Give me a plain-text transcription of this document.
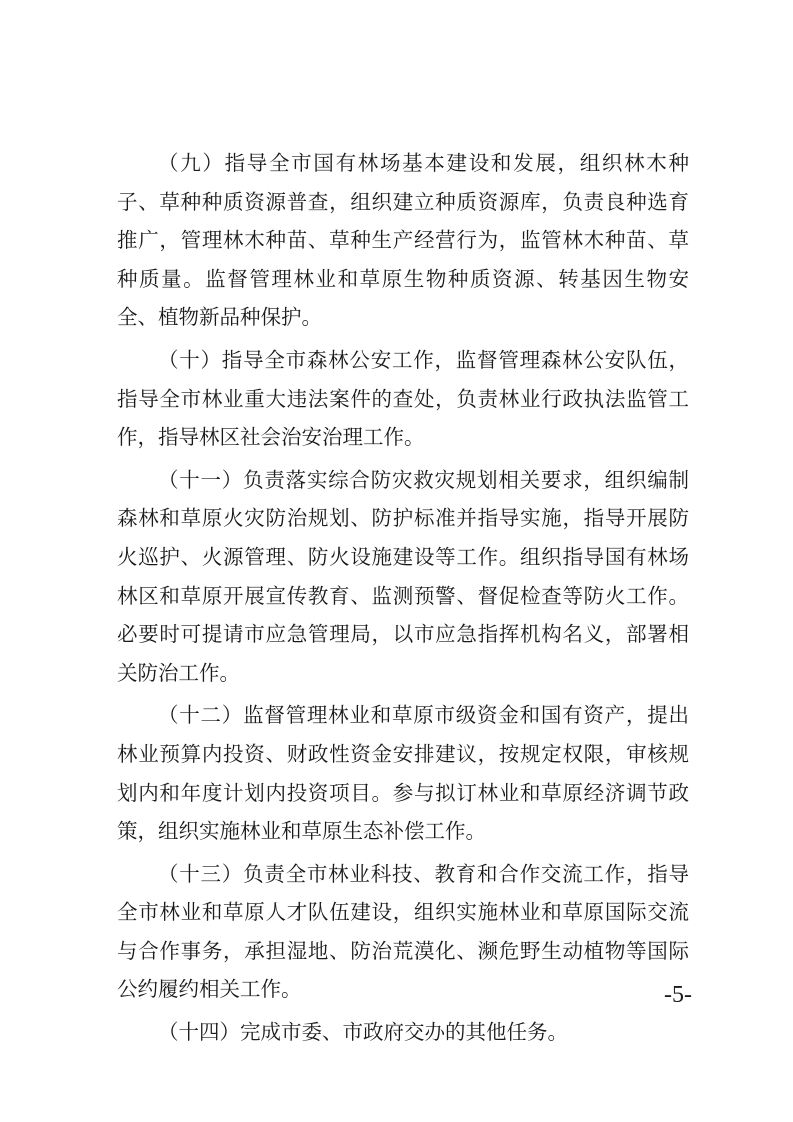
（九）指导全市国有林场基本建设和发展，组织林木种子、草种种质资源普查，组织建立种质资源库，负责良种选育推广，管理林木种苗、草种生产经营行为，监管林木种苗、草种质量。监督管理林业和草原生物种质资源、转基因生物安全、植物新品种保护。

（十）指导全市森林公安工作，监督管理森林公安队伍，指导全市林业重大违法案件的查处，负责林业行政执法监管工作，指导林区社会治安治理工作。

（十一）负责落实综合防灾救灾规划相关要求，组织编制森林和草原火灾防治规划、防护标准并指导实施，指导开展防火巡护、火源管理、防火设施建设等工作。组织指导国有林场林区和草原开展宣传教育、监测预警、督促检查等防火工作。必要时可提请市应急管理局，以市应急指挥机构名义，部署相关防治工作。

（十二）监督管理林业和草原市级资金和国有资产，提出林业预算内投资、财政性资金安排建议，按规定权限，审核规划内和年度计划内投资项目。参与拟订林业和草原经济调节政策，组织实施林业和草原生态补偿工作。

（十三）负责全市林业科技、教育和合作交流工作，指导全市林业和草原人才队伍建设，组织实施林业和草原国际交流与合作事务，承担湿地、防治荒漠化、濒危野生动植物等国际公约履约相关工作。

（十四）完成市委、市政府交办的其他任务。

-5-
